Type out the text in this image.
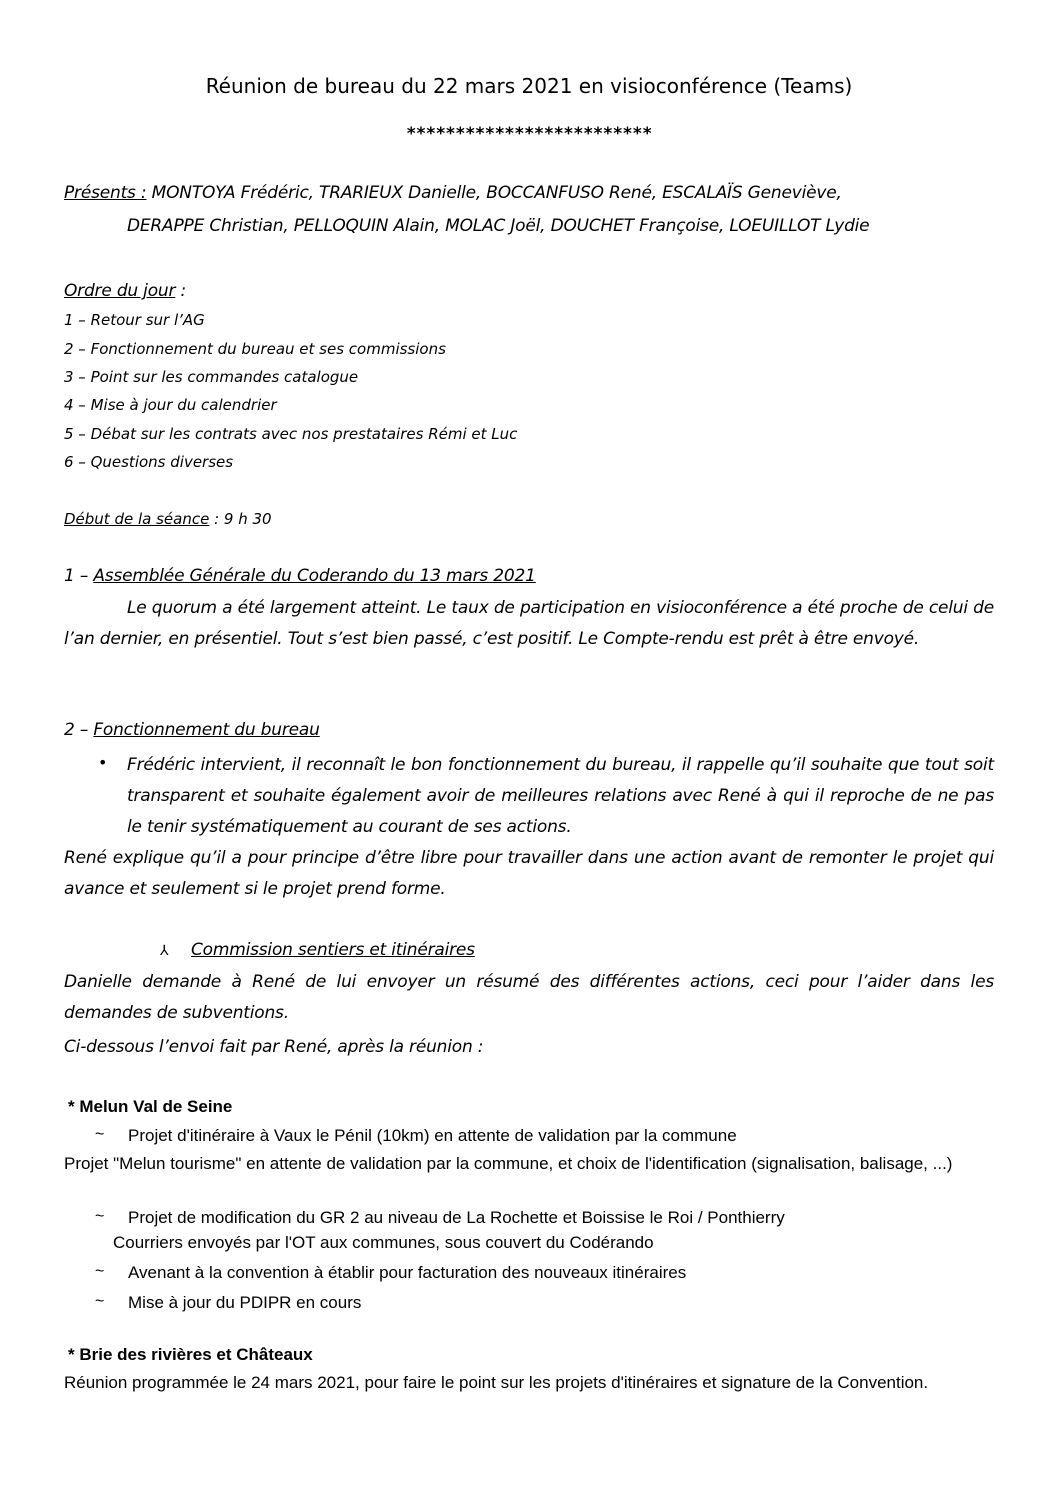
Réunion de bureau du 22 mars 2021 en visioconférence (Teams)
*************************
Présents : MONTOYA Frédéric, TRARIEUX Danielle, BOCCANFUSO René, ESCALAÏS Geneviève,
DERAPPE Christian, PELLOQUIN Alain, MOLAC Joël, DOUCHET Françoise, LOEUILLOT Lydie
Ordre du jour :
1 – Retour sur l’AG
2 – Fonctionnement du bureau et ses commissions
3 – Point sur les commandes catalogue
4 – Mise à jour du calendrier
5 – Débat sur les contrats avec nos prestataires Rémi et Luc
6 – Questions diverses
Début de la séance : 9 h 30
1 – Assemblée Générale du Coderando du 13 mars 2021
Le quorum a été largement atteint. Le taux de participation en visioconférence a été proche de celui de l’an dernier, en présentiel. Tout s’est bien passé, c’est positif. Le Compte-rendu est prêt à être envoyé.
2 – Fonctionnement du bureau
• Frédéric intervient, il reconnaît le bon fonctionnement du bureau, il rappelle qu’il souhaite que tout soit transparent et souhaite également avoir de meilleures relations avec René à qui il reproche de ne pas le tenir systématiquement au courant de ses actions.
René explique qu’il a pour principe d’être libre pour travailler dans une action avant de remonter le projet qui avance et seulement si le projet prend forme.
⅄ Commission sentiers et itinéraires
Danielle demande à René de lui envoyer un résumé des différentes actions, ceci pour l’aider dans les demandes de subventions.
Ci-dessous l’envoi fait par René, après la réunion :
* Melun Val de Seine
~ Projet d'itinéraire à Vaux le Pénil (10km) en attente de validation par la commune
Projet "Melun tourisme" en attente de validation par la commune, et choix de l'identification (signalisation, balisage, ...)
~ Projet de modification du GR 2 au niveau de La Rochette et Boissise le Roi / Ponthierry
Courriers envoyés par l'OT aux communes, sous couvert du Codérando
~ Avenant à la convention à établir pour facturation des nouveaux itinéraires
~ Mise à jour du PDIPR en cours
* Brie des rivières et Châteaux
Réunion programmée le 24 mars 2021, pour faire le point sur les projets d'itinéraires et signature de la Convention.
